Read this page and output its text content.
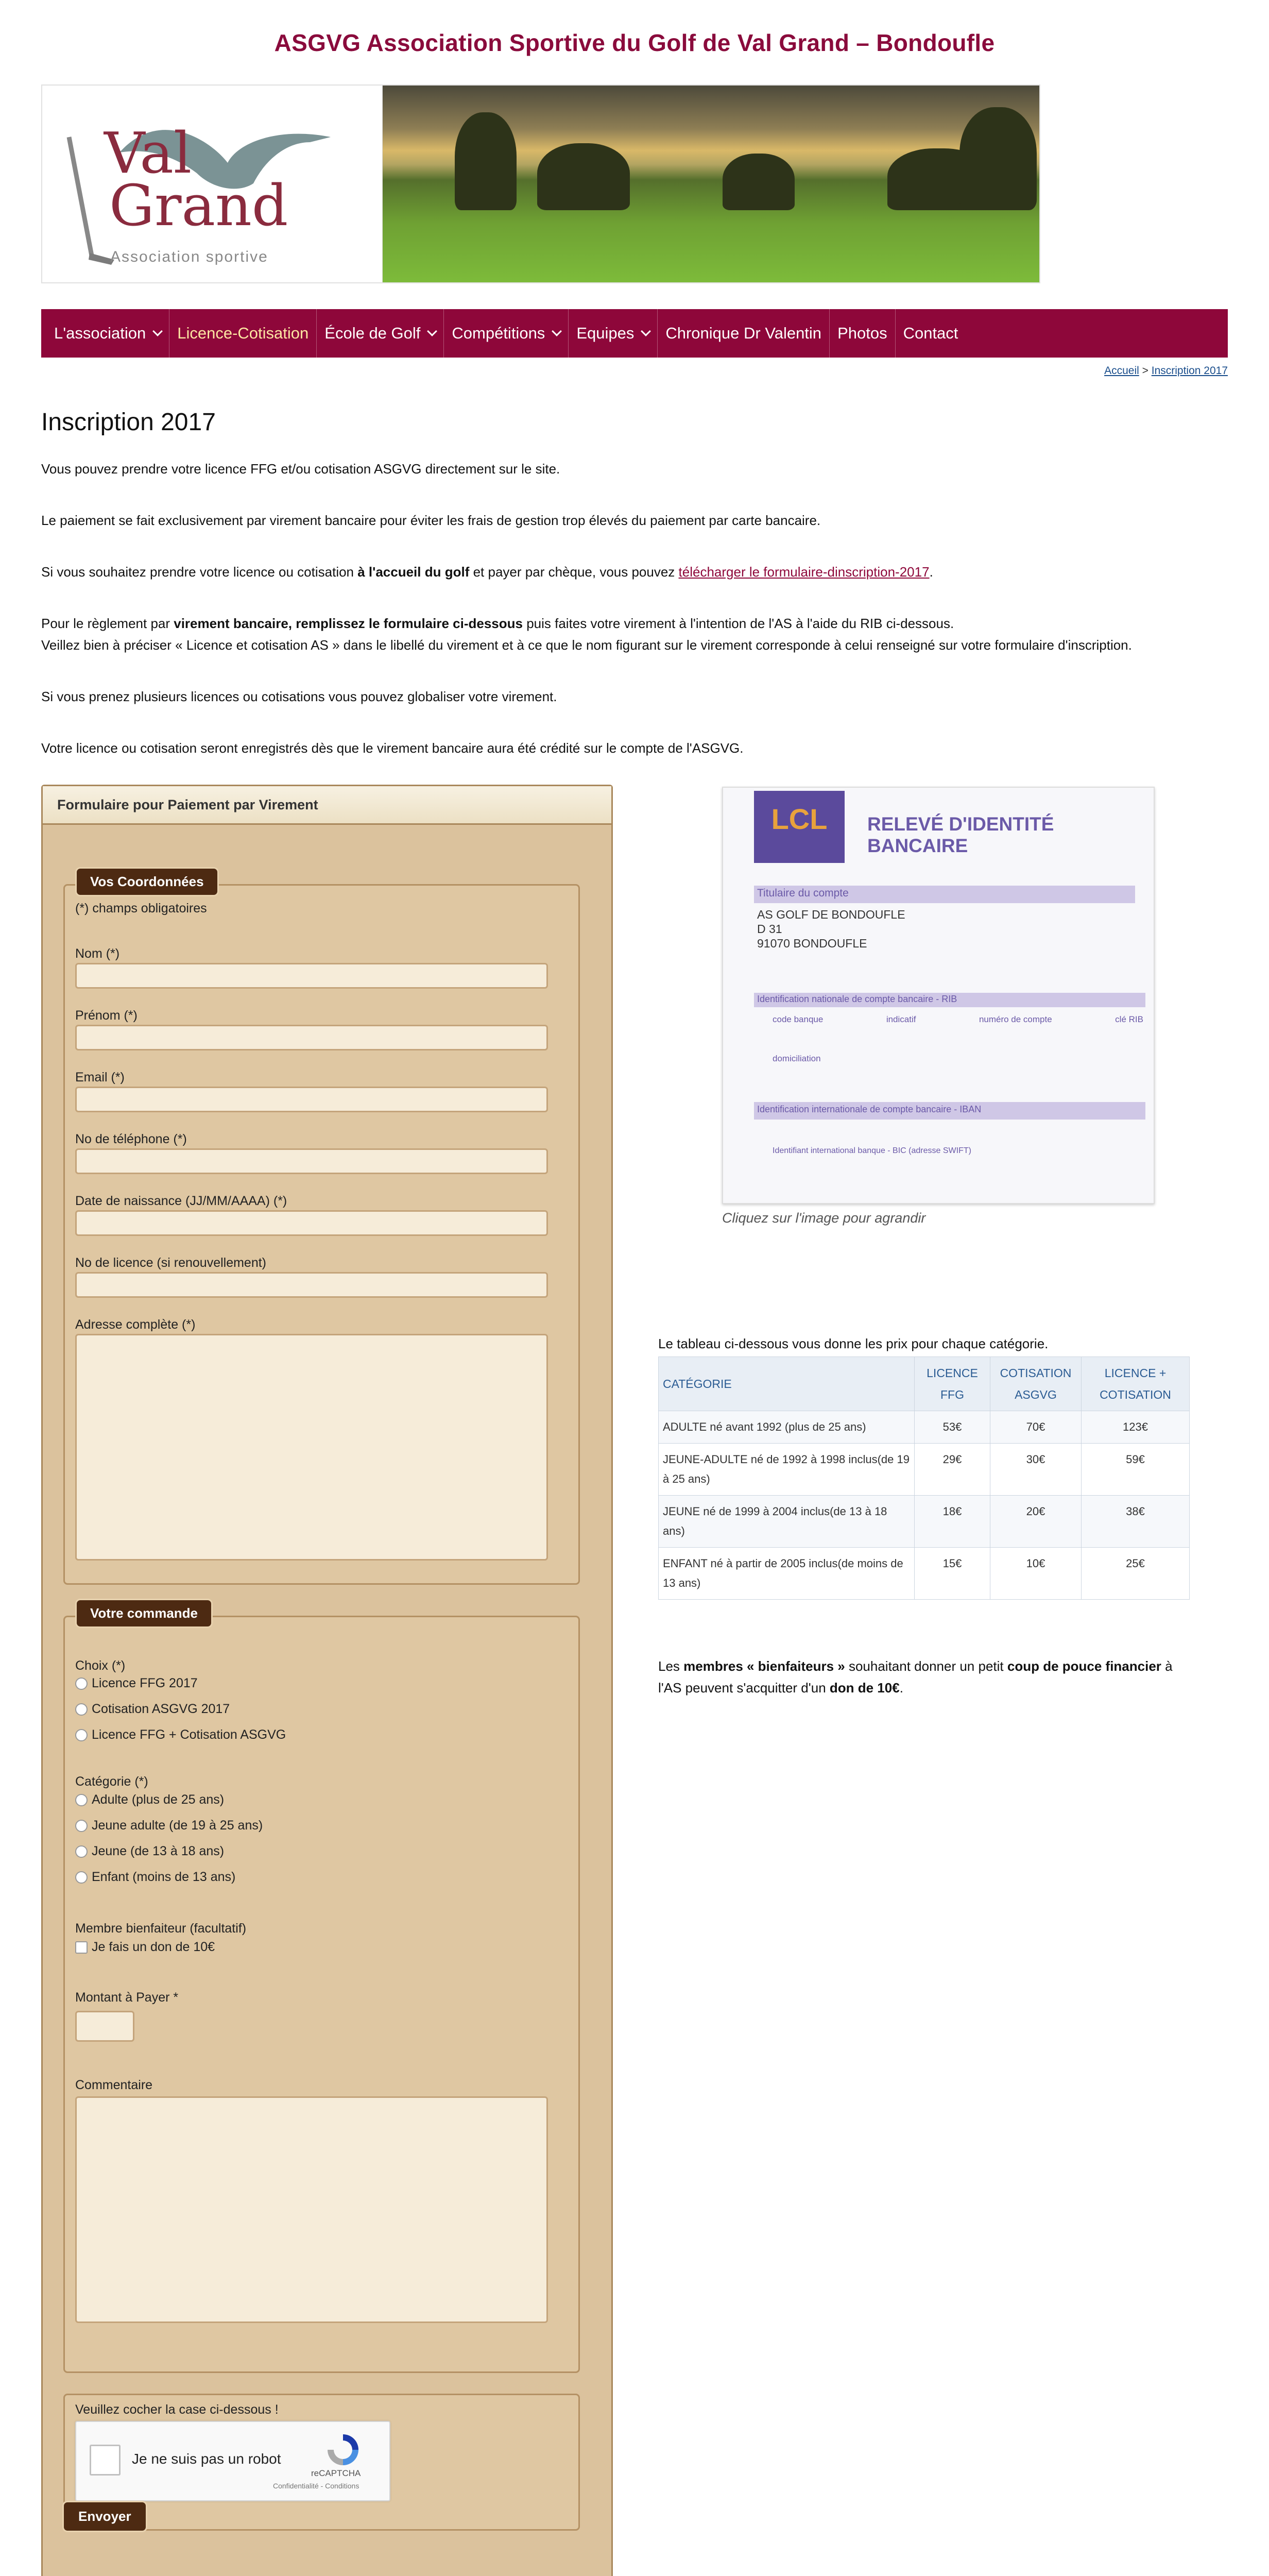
ASGVG Association Sportive du Golf de Val Grand – Bondoufle
Val
Grand
Association sportive
L'association Licence-Cotisation École de Golf Compétitions Equipes Chronique Dr Valentin Photos Contact
Accueil > Inscription 2017
Inscription 2017

Vous pouvez prendre votre licence FFG et/ou cotisation ASGVG directement sur le site.

Le paiement se fait exclusivement par virement bancaire pour éviter les frais de gestion trop élevés du paiement par carte bancaire.

Si vous souhaitez prendre votre licence ou cotisation à l'accueil du golf et payer par chèque, vous pouvez télécharger le formulaire-dinscription-2017.

Pour le règlement par virement bancaire, remplissez le formulaire ci-dessous puis faites votre virement à l'intention de l'AS à l'aide du RIB ci-dessous.

Veillez bien à préciser « Licence et cotisation AS » dans le libellé du virement et à ce que le nom figurant sur le virement corresponde à celui renseigné sur votre formulaire d'inscription.

Si vous prenez plusieurs licences ou cotisations vous pouvez globaliser votre virement.

Votre licence ou cotisation seront enregistrés dès que le virement bancaire aura été crédité sur le compte de l'ASGVG.

Formulaire pour Paiement par Virement
Vos Coordonnées
(*) champs obligatoires
Nom (*)
Prénom (*)
Email (*)
No de téléphone (*)
Date de naissance (JJ/MM/AAAA) (*)
No de licence (si renouvellement)
Adresse complète (*)
Votre commande
Choix (*)
Licence FFG 2017
Cotisation ASGVG 2017
Licence FFG + Cotisation ASGVG
Catégorie (*)
Adulte (plus de 25 ans)
Jeune adulte (de 19 à 25 ans)
Jeune (de 13 à 18 ans)
Enfant (moins de 13 ans)
Membre bienfaiteur (facultatif)
Je fais un don de 10€
Montant à Payer *
Commentaire
Veuillez cocher la case ci-dessous !
Je ne suis pas un robot
reCAPTCHA
Confidentialité - Conditions
Envoyer
LCL	RELEVÉ D'IDENTITÉ BANCAIRE
Titulaire du compte
AS GOLF DE BONDOUFLE
D 31
91070 BONDOUFLE
Identification nationale de compte bancaire - RIB
code banque	indicatif	numéro de compte	clé RIB
domiciliation
Identification internationale de compte bancaire - IBAN
Identifiant international banque - BIC (adresse SWIFT)
Cliquez sur l'image pour agrandir
Le tableau ci-dessous vous donne les prix pour chaque catégorie.
CATÉGORIE	LICENCE FFG	COTISATION ASGVG	LICENCE + COTISATION
ADULTE né avant 1992 (plus de 25 ans)	53€	70€	123€
JEUNE-ADULTE né de 1992 à 1998 inclus(de 19 à 25 ans)	29€	30€	59€
JEUNE né de 1999 à 2004 inclus(de 13 à 18 ans)	18€	20€	38€
ENFANT né à partir de 2005 inclus(de moins de 13 ans)	15€	10€	25€
Les membres « bienfaiteurs » souhaitant donner un petit coup de pouce financier à l'AS peuvent s'acquitter d'un don de 10€.
